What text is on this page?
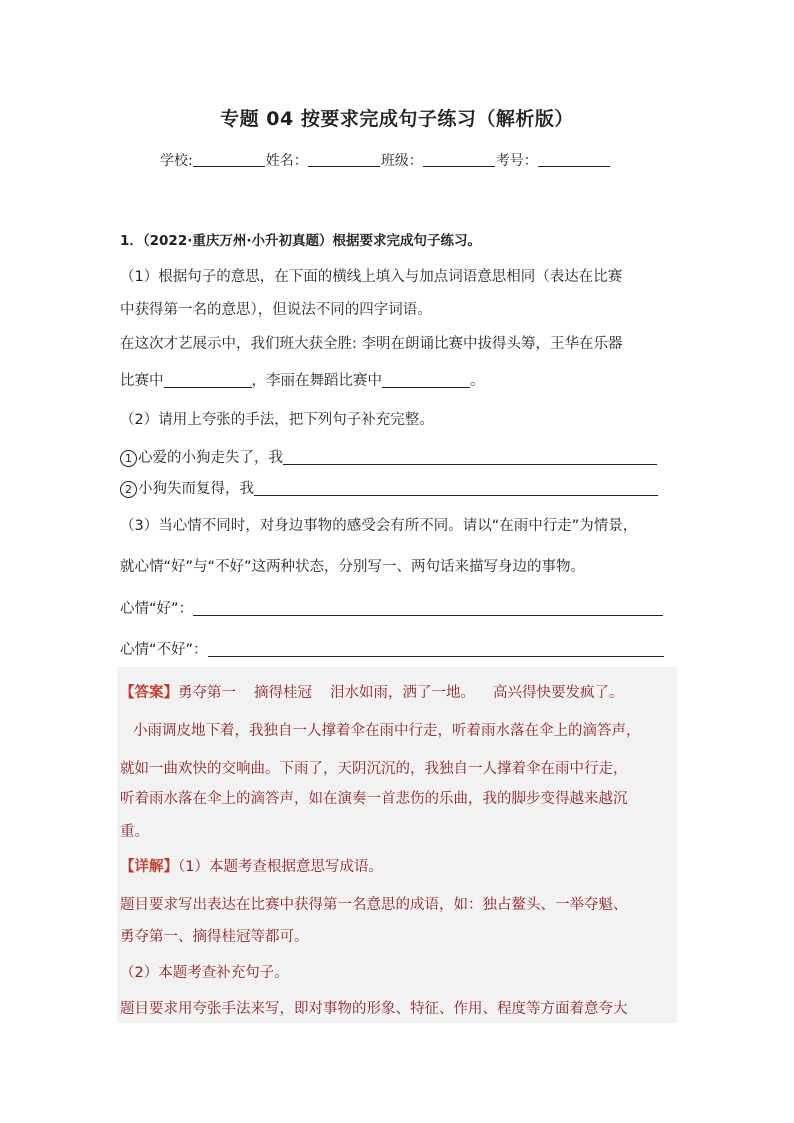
专题 04 按要求完成句子练习（解析版）
学校:	姓名：	班级：	考号：
1．（2022·重庆万州·小升初真题）根据要求完成句子练习。
（1）根据句子的意思，在下面的横线上填入与加点词语意思相同（表达在比赛
中获得第一名的意思），但说法不同的四字词语。
在这次才艺展示中，我们班大获全胜: 李明在朗诵比赛中拔得头筹，王华在乐器
比赛中	，李丽在舞蹈比赛中	。
（2）请用上夸张的手法，把下列句子补充完整。
1 心爱的小狗走失了，我
2 小狗失而复得，我
（3）当心情不同时，对身边事物的感受会有所不同。请以“在雨中行走”为情景，
就心情“好”与“不好”这两种状态，分别写一、两句话来描写身边的事物。
心情“好”：
心情“不好”：
【答案】勇夺第一 摘得桂冠 泪水如雨，洒了一地。 高兴得快要发疯了。
小雨调皮地下着，我独自一人撑着伞在雨中行走，听着雨水落在伞上的滴答声，
就如一曲欢快的交响曲。下雨了，天阴沉沉的，我独自一人撑着伞在雨中行走，
听着雨水落在伞上的滴答声，如在演奏一首悲伤的乐曲，我的脚步变得越来越沉
重。
【详解】（1）本题考查根据意思写成语。
题目要求写出表达在比赛中获得第一名意思的成语，如：独占鳌头、一举夺魁、
勇夺第一、摘得桂冠等都可。
（2）本题考查补充句子。
题目要求用夸张手法来写，即对事物的形象、特征、作用、程度等方面着意夸大
